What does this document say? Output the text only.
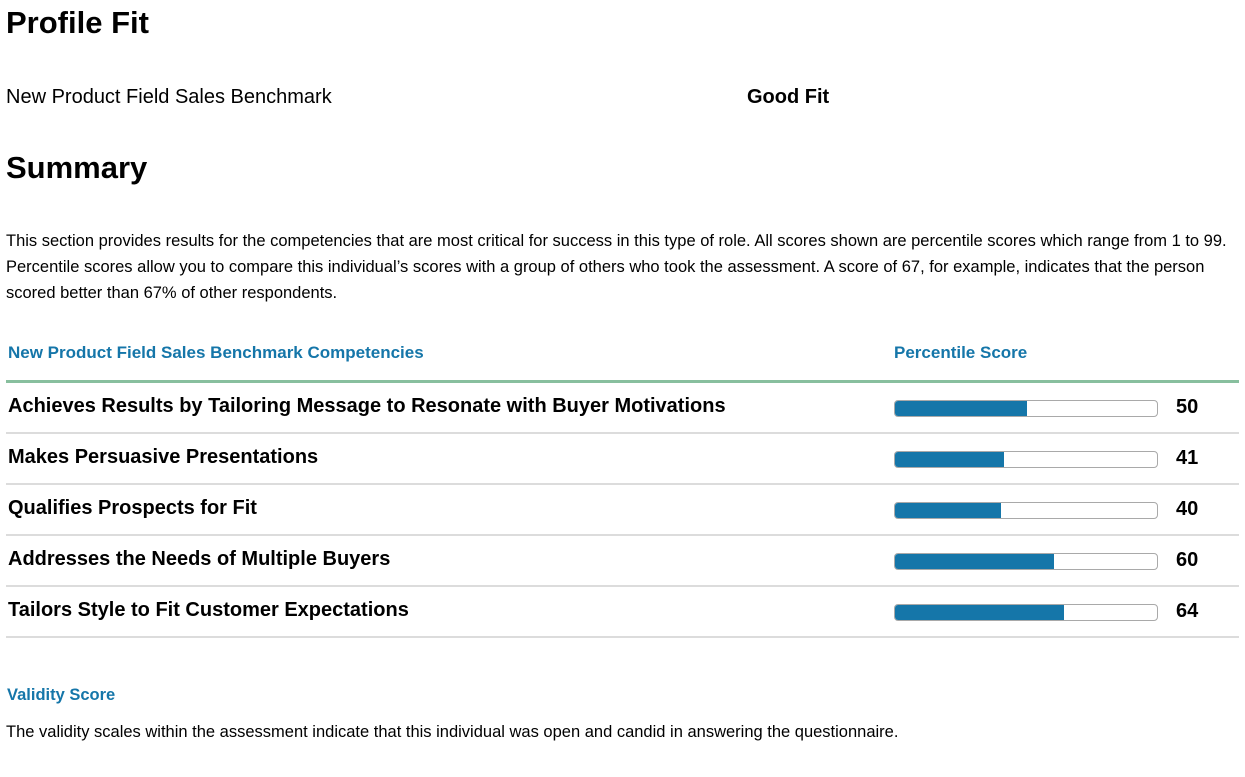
Profile Fit
New Product Field Sales Benchmark	Good Fit
Summary

This section provides results for the competencies that are most critical for success in this type of role. All scores shown are percentile scores which range from 1 to 99. Percentile scores allow you to compare this individual’s scores with a group of others who took the assessment. A score of 67, for example, indicates that the person scored better than 67% of other respondents.

New Product Field Sales Benchmark Competencies	Percentile Score
Achieves Results by Tailoring Message to Resonate with Buyer Motivations	50
Makes Persuasive Presentations	41
Qualifies Prospects for Fit	40
Addresses the Needs of Multiple Buyers	60
Tailors Style to Fit Customer Expectations	64
Validity Score

The validity scales within the assessment indicate that this individual was open and candid in answering the questionnaire.
